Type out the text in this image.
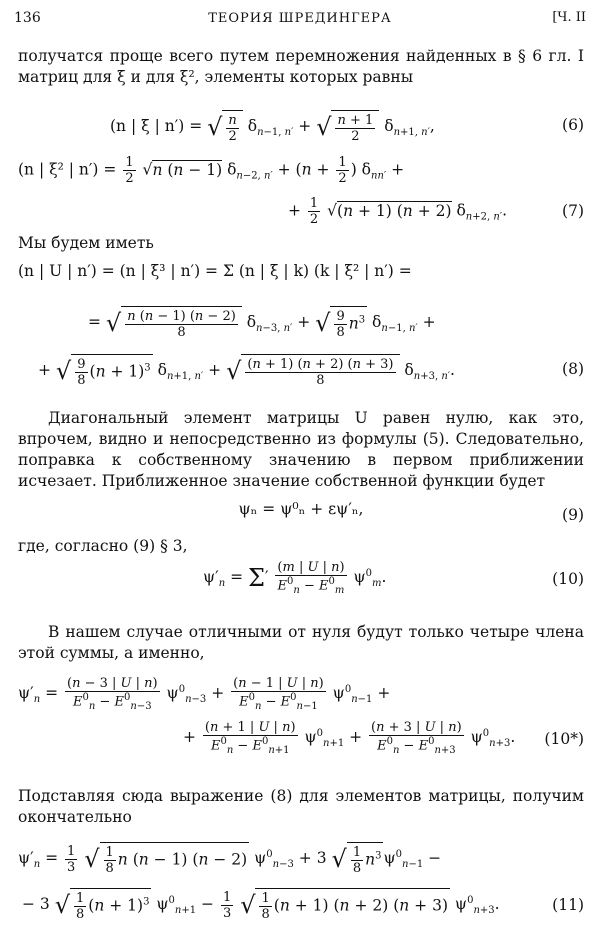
136	ТЕОРИЯ ШРЕДИНГЕРА	[Ч. II
получатся проще всего путем перемножения найденных в § 6 гл. I матриц для ξ и для ξ², элементы которых равны
(n | ξ | n′) = √ $\frac{n}{2} \delta_{n-1, n'}$ + √ $\frac{n + 1}{2} \delta_{n+1, n'}$,	(6)
(n | ξ² | $n') = \frac{1}{2} √n$ (n − 1) $\delta_{n-2, n'} + (n + \frac{1}{2}$ ) $\delta_{nn'}$ +
+ $\frac{1}{2} √(n + 1) (n + 2)$ $\delta_{n+2, n'}$.	(7)
Мы будем иметь
(n | U | n′) = (n | ξ³ | n′) = Σ (n | ξ | k) (k | ξ² | n′) =
= √ $\frac{n (n - 1) (n - 2)}{8} \delta_{n-3, n'}$ + √ $\frac{9}{8} n^3$ $\delta_{n-1, n'}$ +
+ √ $\frac{9}{8} (n + 1)^3$ $\delta_{n+1, n'}$ + √ $\frac{(n + 1) (n + 2) (n + 3)}{8} \delta_{n+3, n'}$.	(8)
Диагональный элемент матрицы U равен нулю, как это, впрочем, видно и непосредственно из формулы (5). Следовательно, поправка к собственному значению в первом приближении исчезает. Приближенное значение собственной функции будет
ψₙ = ψ⁰ₙ + εψ′ₙ,	(9)
где, согласно (9) § 3,
$\psi'_n = \Sigma' \frac{(m | U | n)}{E^0_n - E^0_m} \psi^0_m$.	(10)
В нашем случае отличными от нуля будут только четыре члена этой суммы, а именно,
$\psi'_n = \frac{(n - 3 | U | n)}{E^0_n - E^0_{n-3}} \psi^0_{n-3} + \frac{(n - 1 | U | n)}{E^0_n - E^0_{n-1}} \psi^0_{n-1}$ +
+ $\frac{(n + 1 | U | n)}{E^0_n - E^0_{n+1}} \psi^0_{n+1} + \frac{(n + 3 | U | n)}{E^0_n - E^0_{n+3}} \psi^0_{n+3}$. (10*)
Подставляя сюда выражение (8) для элементов матрицы, получим окончательно
$\psi'_n = \frac{1}{3}$ √ $\frac{1}{8}$ n (n − 1) (n − 2) $\psi^0_{n-3} + 3$ √ $\frac{1}{8} n^3$ $\psi^0_{n-1}$ −
− 3 √ $\frac{1}{8} (n + 1)^3$ $\psi^0_{n+1} - \frac{1}{3}$ √ $\frac{1}{8} (n + 1) (n + 2) (n + 3)$ $\psi^0_{n+3}$.	(11)
